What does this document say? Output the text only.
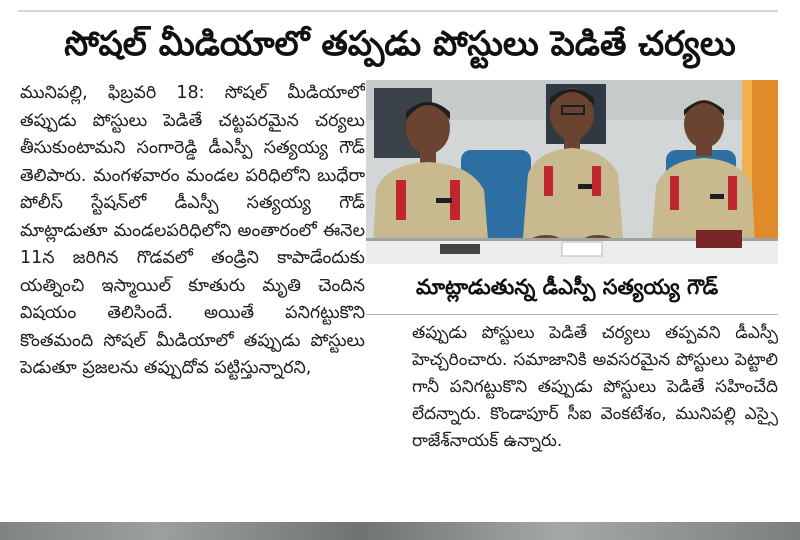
సోషల్ మీడియాలో తప్పడు పోస్టులు పెడితే చర్యలు

మునిపల్లి, ఫిబ్రవరి 18: సోషల్ మీడియాలో తప్పుడు పోస్టులు పెడితే చట్టపరమైన చర్యలు తీసుకుంటామని సంగారెడ్డి డీఎస్పీ సత్యయ్య గౌడ్ తెలిపారు. మంగళవారం మండల పరిధిలోని బుధేరా పోలీస్ స్టేషన్‌లో డీఎస్పీ సత్యయ్య గౌడ్ మాట్లాడుతూ మండలపరిధిలోని అంతారంలో ఈనెల 11న జరిగిన గొడవలో తండ్రిని కాపాడేందుకు యత్నించి ఇస్మాయిల్ కూతురు మృతి చెందిన విషయం తెలిసిందే. అయితే పనిగట్టుకొని కొంతమంది సోషల్ మీడియాలో తప్పుడు పోస్టులు పెడుతూ ప్రజలను తప్పుదోవ పట్టిస్తున్నారని,

మాట్లాడుతున్న డీఎస్పీ సత్యయ్య గౌడ్

తప్పుడు పోస్టులు పెడితే చర్యలు తప్పవని డీఎస్పీ హెచ్చరించారు. సమాజానికి అవసరమైన పోస్టులు పెట్టాలి గానీ పనిగట్టుకొని తప్పుడు పోస్టులు పెడితే సహించేది లేదన్నారు. కొండాపూర్ సీఐ వెంకటేశం, మునిపల్లి ఎస్సై రాజేశ్‌నాయక్ ఉన్నారు.
